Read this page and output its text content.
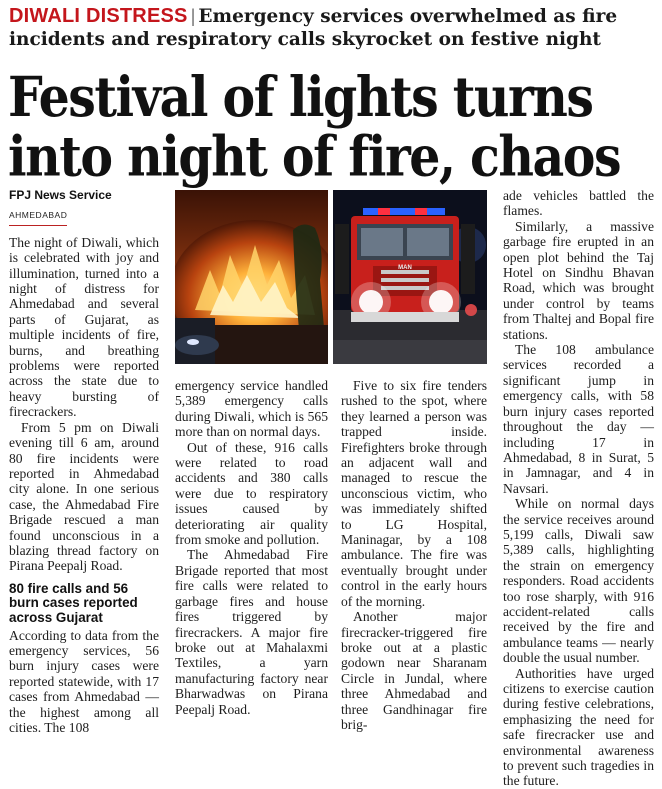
DIWALI DISTRESS | Emergency services overwhelmed as fire incidents and respiratory calls skyrocket on festive night
Festival of lights turns into night of fire, chaos
FPJ News Service
AHMEDABAD

The night of Diwali, which is celebrated with joy and illumination, turned into a night of distress for Ahmedabad and several parts of Gujarat, as multiple incidents of fire, burns, and breathing problems were reported across the state due to heavy bursting of firecrackers.

From 5 pm on Diwali evening till 6 am, around 80 fire incidents were reported in Ahmedabad city alone. In one serious case, the Ahmedabad Fire Brigade rescued a man found unconscious in a blazing thread factory on Pirana Peepalj Road.

80 fire calls and 56 burn cases reported across Gujarat

According to data from the emergency services, 56 burn injury cases were reported statewide, with 17 cases from Ahmedabad — the highest among all cities. The 108

MAN

emergency service handled 5,389 emergency calls during Diwali, which is 565 more than on normal days.

Out of these, 916 calls were related to road accidents and 380 calls were due to respiratory issues caused by deteriorating air quality from smoke and pollution.

The Ahmedabad Fire Brigade reported that most fire calls were related to garbage fires and house fires triggered by firecrackers. A major fire broke out at Mahalaxmi Textiles, a yarn manufacturing factory near Bharwadwas on Pirana Peepalj Road.

Five to six fire tenders rushed to the spot, where they learned a person was trapped inside. Firefighters broke through an adjacent wall and managed to rescue the unconscious victim, who was immediately shifted to LG Hospital, Maninagar, by a 108 ambulance. The fire was eventually brought under control in the early hours of the morning.

Another major firecracker-triggered fire broke out at a plastic godown near Sharanam Circle in Jundal, where three Ahmedabad and three Gandhinagar fire brig-

ade vehicles battled the flames.

Similarly, a massive garbage fire erupted in an open plot behind the Taj Hotel on Sindhu Bhavan Road, which was brought under control by teams from Thaltej and Bopal fire stations.

The 108 ambulance services recorded a significant jump in emergency calls, with 58 burn injury cases reported throughout the day — including 17 in Ahmedabad, 8 in Surat, 5 in Jamnagar, and 4 in Navsari.

While on normal days the service receives around 5,199 calls, Diwali saw 5,389 calls, highlighting the strain on emergency responders. Road accidents too rose sharply, with 916 accident-related calls received by the fire and ambulance teams — nearly double the usual number.

Authorities have urged citizens to exercise caution during festive celebrations, emphasizing the need for safe firecracker use and environmental awareness to prevent such tragedies in the future.
